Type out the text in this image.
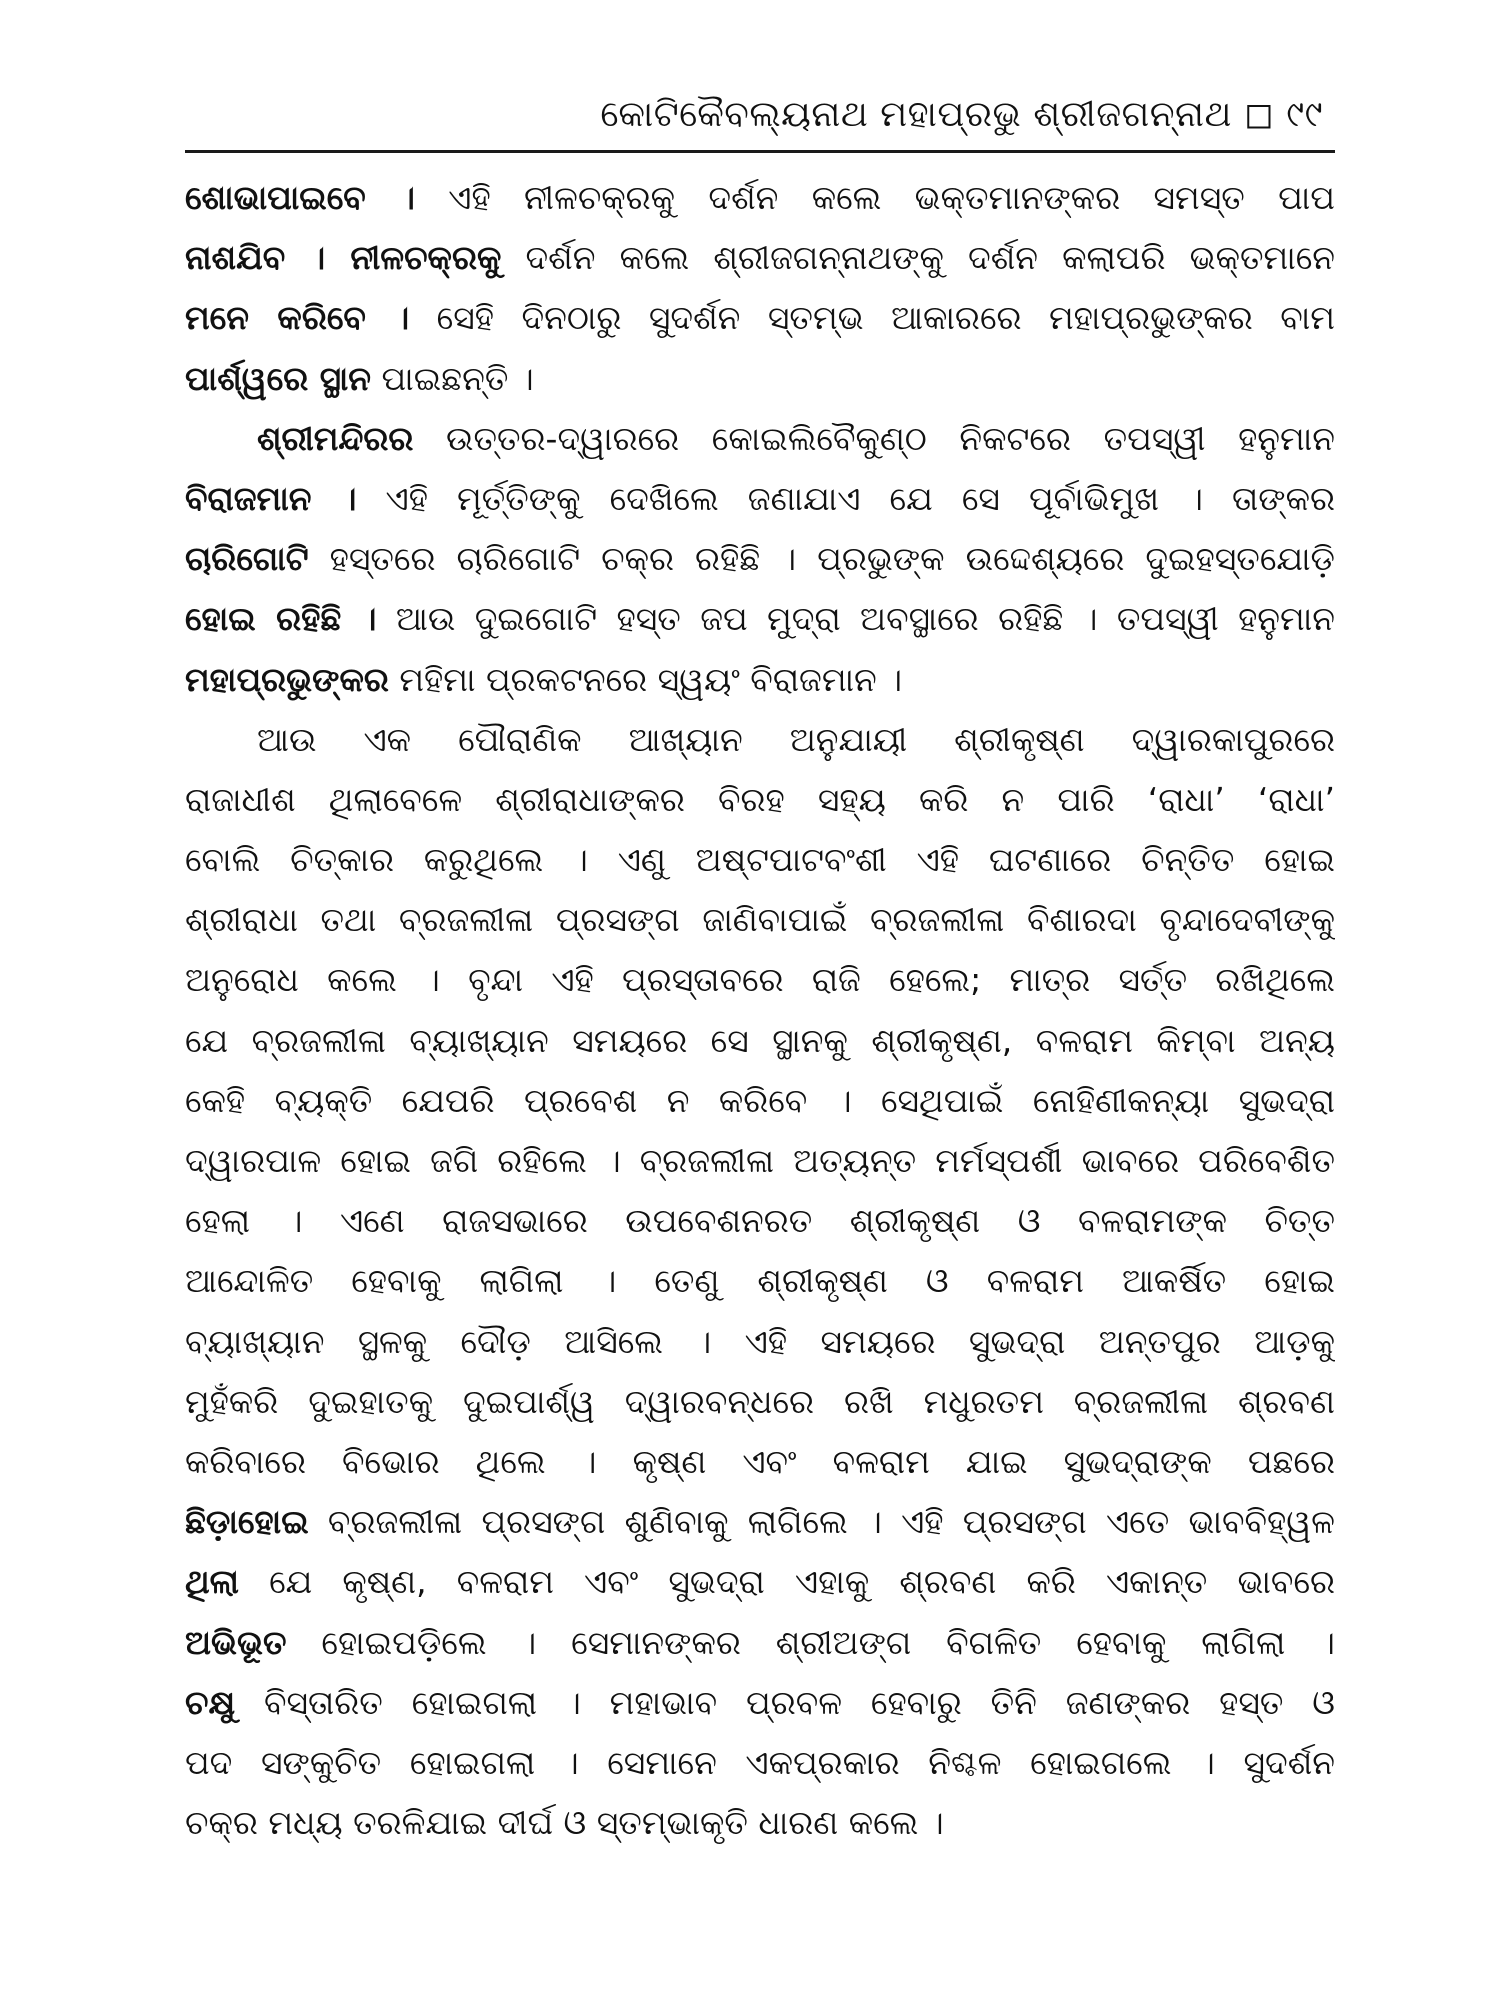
କୋଟିକୈବଲ୍ୟନାଥ ମହାପ୍ରଭୁ ଶ୍ରୀଜଗନ୍ନାଥ ◻ ୯୯
ଶୋଭାପାଇବେ । ଏହି ନୀଳଚକ୍ରକୁ ଦର୍ଶନ କଲେ ଭକ୍ତମାନଙ୍କର ସମସ୍ତ ପାପ
ନାଶଯିବ । ନୀଳଚକ୍ରକୁ ଦର୍ଶନ କଲେ ଶ୍ରୀଜଗନ୍ନାଥଙ୍କୁ ଦର୍ଶନ କଲାପରି ଭକ୍ତମାନେ
ମନେ କରିବେ । ସେହି ଦିନଠାରୁ ସୁଦର୍ଶନ ସ୍ତମ୍ଭ ଆକାରରେ ମହାପ୍ରଭୁଙ୍କର ବାମ
ପାର୍ଶ୍ୱରେ ସ୍ଥାନ ପାଇଛନ୍ତି ।
ଶ୍ରୀମନ୍ଦିରର ଉତ୍ତର-ଦ୍ୱାରରେ କୋଇଲିବୈକୁଣ୍ଠ ନିକଟରେ ତପସ୍ୱୀ ହନୁମାନ
ବିରାଜମାନ । ଏହି ମୂର୍ତ୍ତିଙ୍କୁ ଦେଖିଲେ ଜଣାଯାଏ ଯେ ସେ ପୂର୍ବାଭିମୁଖ । ତାଙ୍କର
ଚାରିଗୋଟି ହସ୍ତରେ ଚାରିଗୋଟି ଚକ୍ର ରହିଛି । ପ୍ରଭୁଙ୍କ ଉଦ୍ଦେଶ୍ୟରେ ଦୁଇହସ୍ତଯୋଡ଼ି
ହୋଇ ରହିଛି । ଆଉ ଦୁଇଗୋଟି ହସ୍ତ ଜପ ମୁଦ୍ରା ଅବସ୍ଥାରେ ରହିଛି । ତପସ୍ୱୀ ହନୁମାନ
ମହାପ୍ରଭୁଙ୍କର ମହିମା ପ୍ରକଟନରେ ସ୍ୱୟଂ ବିରାଜମାନ ।
ଆଉ ଏକ ପୌରାଣିକ ଆଖ୍ୟାନ ଅନୁଯାୟୀ ଶ୍ରୀକୃଷ୍ଣ ଦ୍ୱାରକାପୁରରେ
ରାଜାଧୀଶ ଥିଲାବେଳେ ଶ୍ରୀରାଧାଙ୍କର ବିରହ ସହ୍ୟ କରି ନ ପାରି ‘ରାଧା’ ‘ରାଧା’
ବୋଲି ଚିତ୍କାର କରୁଥିଲେ । ଏଣୁ ଅଷ୍ଟପାଟବଂଶୀ ଏହି ଘଟଣାରେ ଚିନ୍ତିତ ହୋଇ
ଶ୍ରୀରାଧା ତଥା ବ୍ରଜଲୀଳା ପ୍ରସଙ୍ଗ ଜାଣିବାପାଇଁ ବ୍ରଜଲୀଳା ବିଶାରଦା ବୃନ୍ଦାଦେବୀଙ୍କୁ
ଅନୁରୋଧ କଲେ । ବୃନ୍ଦା ଏହି ପ୍ରସ୍ତାବରେ ରାଜି ହେଲେ; ମାତ୍ର ସର୍ତ୍ତ ରଖିଥିଲେ
ଯେ ବ୍ରଜଲୀଳା ବ୍ୟାଖ୍ୟାନ ସମୟରେ ସେ ସ୍ଥାନକୁ ଶ୍ରୀକୃଷ୍ଣ, ବଳରାମ କିମ୍ବା ଅନ୍ୟ
କେହି ବ୍ୟକ୍ତି ଯେପରି ପ୍ରବେଶ ନ କରିବେ । ସେଥିପାଇଁ ନୋହିଣୀକନ୍ୟା ସୁଭଦ୍ରା
ଦ୍ୱାରପାଳ ହୋଇ ଜଗି ରହିଲେ । ବ୍ରଜଲୀଳା ଅତ୍ୟନ୍ତ ମର୍ମସ୍ପର୍ଶୀ ଭାବରେ ପରିବେଶିତ
ହେଲା । ଏଣେ ରାଜସଭାରେ ଉପବେଶନରତ ଶ୍ରୀକୃଷ୍ଣ ଓ ବଳରାମଙ୍କ ଚିତ୍ତ
ଆନ୍ଦୋଳିତ ହେବାକୁ ଲାଗିଲା । ତେଣୁ ଶ୍ରୀକୃଷ୍ଣ ଓ ବଳରାମ ଆକର୍ଷିତ ହୋଇ
ବ୍ୟାଖ୍ୟାନ ସ୍ଥଳକୁ ଦୌଡ଼ ଆସିଲେ । ଏହି ସମୟରେ ସୁଭଦ୍ରା ଅନ୍ତପୁର ଆଡ଼କୁ
ମୁହଁକରି ଦୁଇହାତକୁ ଦୁଇପାର୍ଶ୍ୱ ଦ୍ୱାରବନ୍ଧରେ ରଖି ମଧୁରତମ ବ୍ରଜଲୀଳା ଶ୍ରବଣ
କରିବାରେ ବିଭୋର ଥିଲେ । କୃଷ୍ଣ ଏବଂ ବଳରାମ ଯାଇ ସୁଭଦ୍ରାଙ୍କ ପଛରେ
ଛିଡ଼ାହୋଇ ବ୍ରଜଲୀଳା ପ୍ରସଙ୍ଗ ଶୁଣିବାକୁ ଲାଗିଲେ । ଏହି ପ୍ରସଙ୍ଗ ଏତେ ଭାବବିହ୍ୱଳ
ଥିଲା ଯେ କୃଷ୍ଣ, ବଳରାମ ଏବଂ ସୁଭଦ୍ରା ଏହାକୁ ଶ୍ରବଣ କରି ଏକାନ୍ତ ଭାବରେ
ଅଭିଭୂତ ହୋଇପଡ଼ିଲେ । ସେମାନଙ୍କର ଶ୍ରୀଅଙ୍ଗ ବିଗଳିତ ହେବାକୁ ଲାଗିଲା ।
ଚକ୍ଷୁ ବିସ୍ତାରିତ ହୋଇଗଲା । ମହାଭାବ ପ୍ରବଳ ହେବାରୁ ତିନି ଜଣଙ୍କର ହସ୍ତ ଓ
ପଦ ସଙ୍କୁଚିତ ହୋଇଗଲା । ସେମାନେ ଏକପ୍ରକାର ନିଶ୍ଚଳ ହୋଇଗଲେ । ସୁଦର୍ଶନ
ଚକ୍ର ମଧ୍ୟ ତରଳିଯାଇ ଦୀର୍ଘ ଓ ସ୍ତମ୍ଭାକୃତି ଧାରଣ କଲେ ।
